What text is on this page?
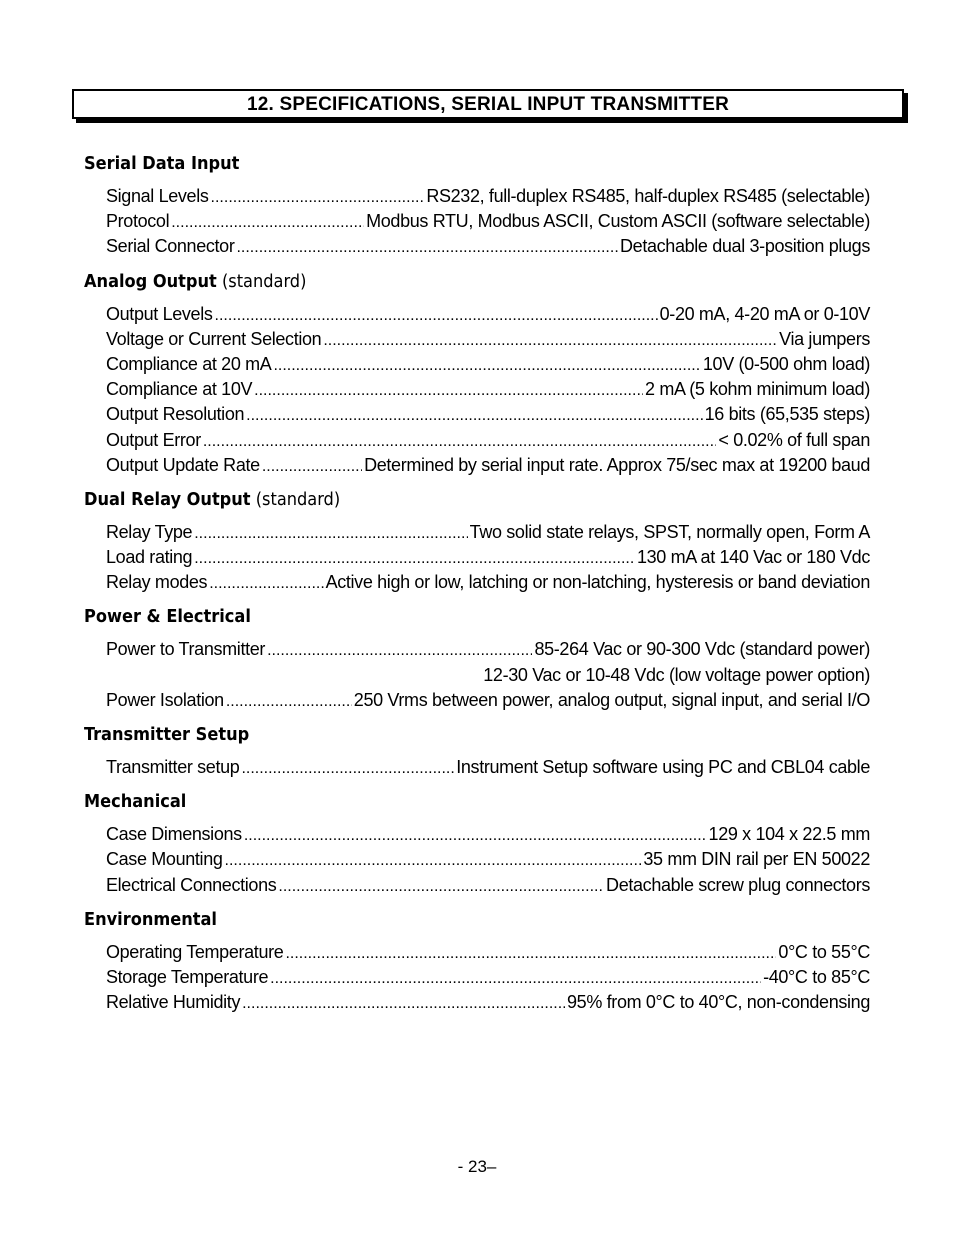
12. SPECIFICATIONS, SERIAL INPUT TRANSMITTER
Serial Data Input
Signal Levels .....	RS232, full-duplex RS485, half-duplex RS485 (selectable)
Protocol .....	Modbus RTU, Modbus ASCII, Custom ASCII (software selectable)
Serial Connector .....	Detachable dual 3-position plugs
Analog Output (standard)
Output Levels .....	0-20 mA, 4-20 mA or 0-10V
Voltage or Current Selection .....	Via jumpers
Compliance at 20 mA .....	10V (0-500 ohm load)
Compliance at 10V .....	2 mA (5 kohm minimum load)
Output Resolution .....	16 bits (65,535 steps)
Output Error .....	< 0.02% of full span
Output Update Rate .....	Determined by serial input rate. Approx 75/sec max at 19200 baud
Dual Relay Output (standard)
Relay Type .....	Two solid state relays, SPST, normally open, Form A
Load rating .....	130 mA at 140 Vac or 180 Vdc
Relay modes .....	Active high or low, latching or non-latching, hysteresis or band deviation
Power & Electrical
Power to Transmitter .....	85-264 Vac or 90-300 Vdc (standard power)
12-30 Vac or 10-48 Vdc (low voltage power option)
Power Isolation .....	250 Vrms between power, analog output, signal input, and serial I/O
Transmitter Setup
Transmitter setup .....	Instrument Setup software using PC and CBL04 cable
Mechanical
Case Dimensions .....	129 x 104 x 22.5 mm
Case Mounting .....	35 mm DIN rail per EN 50022
Electrical Connections .....	Detachable screw plug connectors
Environmental
Operating Temperature .....	0°C to 55°C
Storage Temperature .....	-40°C to 85°C
Relative Humidity .....	95% from 0°C to 40°C, non-condensing
- 23–
